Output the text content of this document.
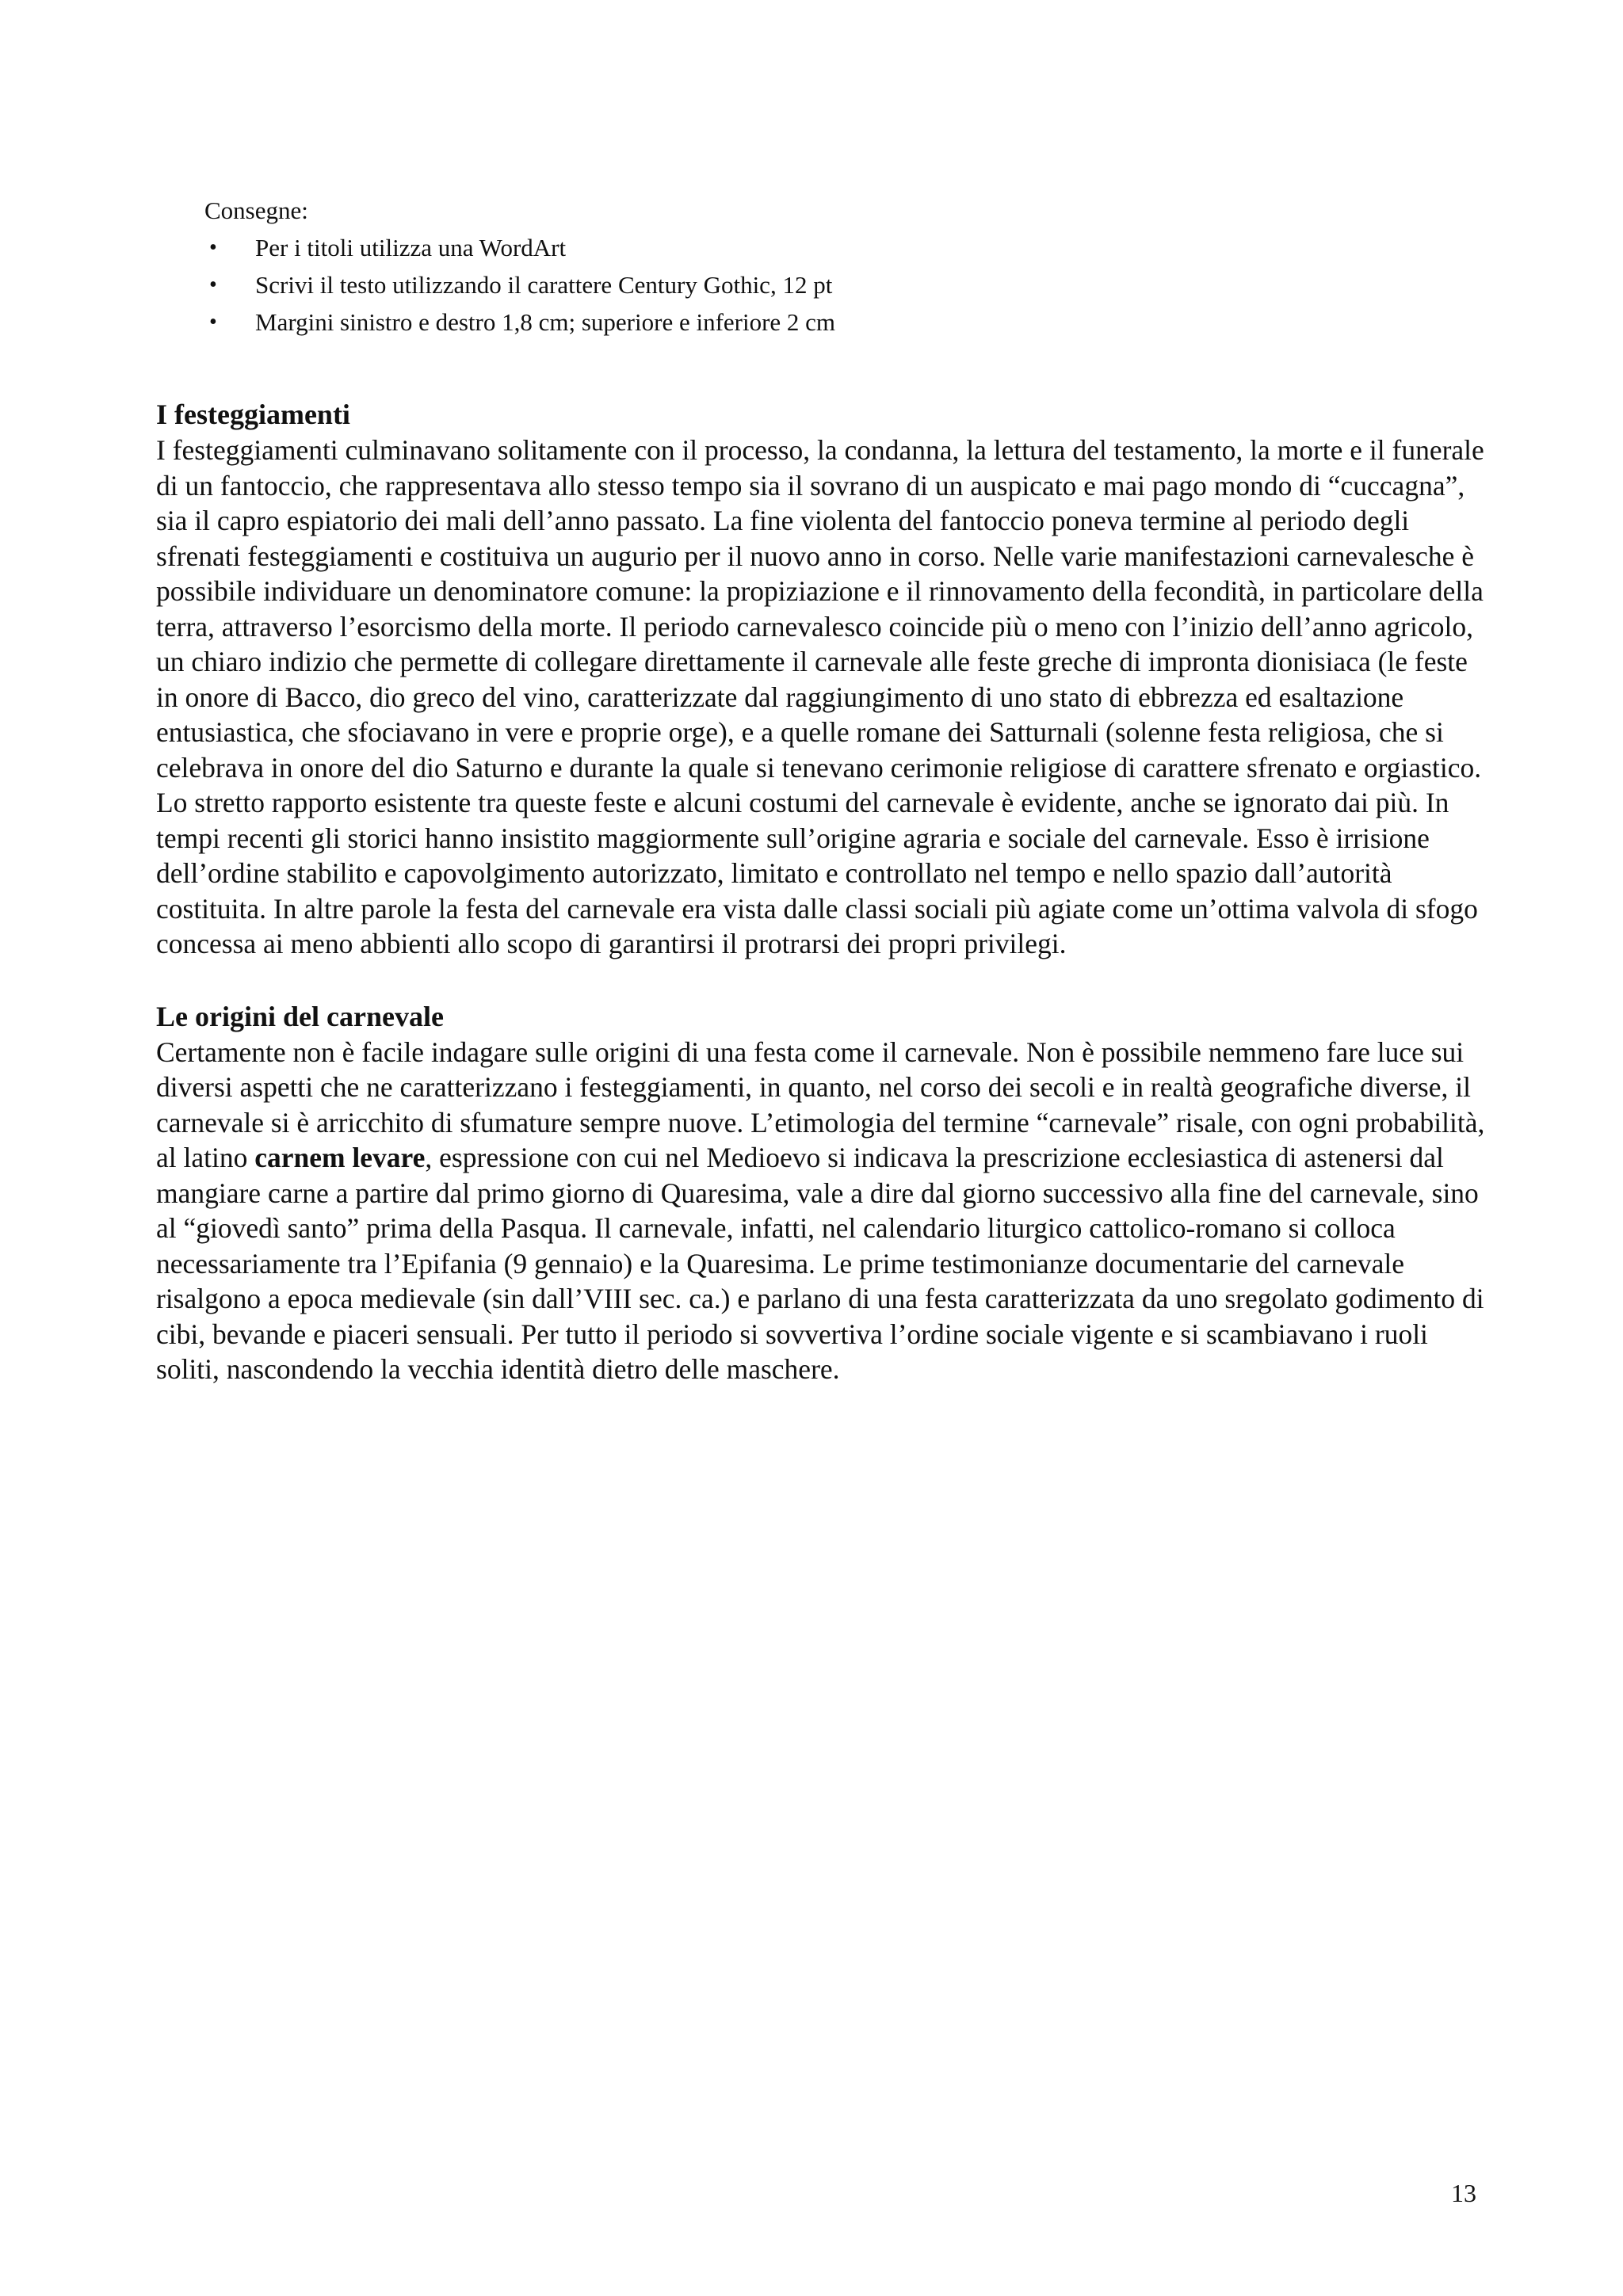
Consegne:
• Per i titoli utilizza una WordArt
• Scrivi il testo utilizzando il carattere Century Gothic, 12 pt
• Margini sinistro e destro 1,8 cm; superiore e inferiore 2 cm
I festeggiamenti

I festeggiamenti culminavano solitamente con il processo, la condanna, la lettura del testamento, la morte e il funerale di un fantoccio, che rappresentava allo stesso tempo sia il sovrano di un auspicato e mai pago mondo di “cuccagna”, sia il capro espiatorio dei mali dell’anno passato. La fine violenta del fantoccio poneva termine al periodo degli sfrenati festeggiamenti e costituiva un augurio per il nuovo anno in corso. Nelle varie manifestazioni carnevalesche è possibile individuare un denominatore comune: la propiziazione e il rinnovamento della fecondità, in particolare della terra, attraverso l’esorcismo della morte. Il periodo carnevalesco coincide più o meno con l’inizio dell’anno agricolo, un chiaro indizio che permette di collegare direttamente il carnevale alle feste greche di impronta dionisiaca (le feste in onore di Bacco, dio greco del vino, caratterizzate dal raggiungimento di uno stato di ebbrezza ed esaltazione entusiastica, che sfociavano in vere e proprie orge), e a quelle romane dei Satturnali (solenne festa religiosa, che si celebrava in onore del dio Saturno e durante la quale si tenevano cerimonie religiose di carattere sfrenato e orgiastico.

Lo stretto rapporto esistente tra queste feste e alcuni costumi del carnevale è evidente, anche se ignorato dai più. In tempi recenti gli storici hanno insistito maggiormente sull’origine agraria e sociale del carnevale. Esso è irrisione dell’ordine stabilito e capovolgimento autorizzato, limitato e controllato nel tempo e nello spazio dall’autorità costituita. In altre parole la festa del carnevale era vista dalle classi sociali più agiate come un’ottima valvola di sfogo concessa ai meno abbienti allo scopo di garantirsi il protrarsi dei propri privilegi.

Le origini del carnevale

Certamente non è facile indagare sulle origini di una festa come il carnevale. Non è possibile nemmeno fare luce sui diversi aspetti che ne caratterizzano i festeggiamenti, in quanto, nel corso dei secoli e in realtà geografiche diverse, il carnevale si è arricchito di sfumature sempre nuove. L’etimologia del termine “carnevale” risale, con ogni probabilità, al latino carnem levare, espressione con cui nel Medioevo si indicava la prescrizione ecclesiastica di astenersi dal mangiare carne a partire dal primo giorno di Quaresima, vale a dire dal giorno successivo alla fine del carnevale, sino al “giovedì santo” prima della Pasqua. Il carnevale, infatti, nel calendario liturgico cattolico-romano si colloca necessariamente tra l’Epifania (9 gennaio) e la Quaresima. Le prime testimonianze documentarie del carnevale risalgono a epoca medievale (sin dall’VIII sec. ca.) e parlano di una festa caratterizzata da uno sregolato godimento di cibi, bevande e piaceri sensuali. Per tutto il periodo si sovvertiva l’ordine sociale vigente e si scambiavano i ruoli soliti, nascondendo la vecchia identità dietro delle maschere.

13
